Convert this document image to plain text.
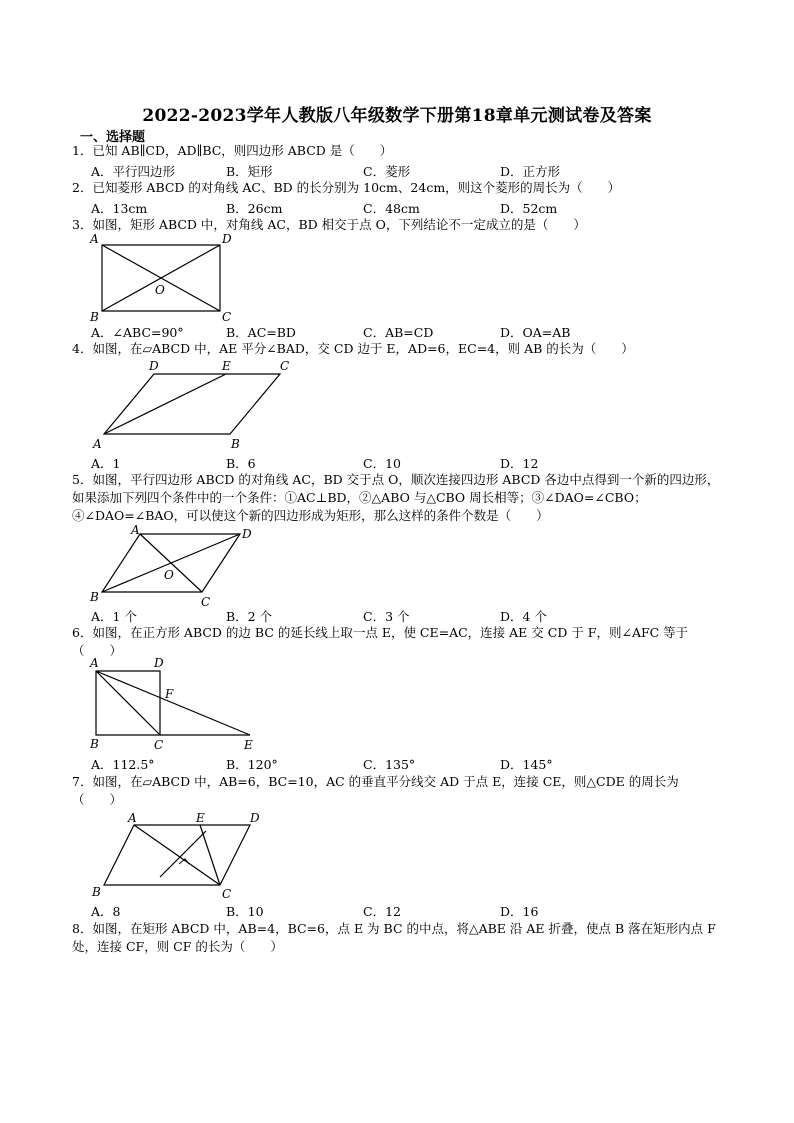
2022-2023学年人教版八年级数学下册第18章单元测试卷及答案
一、选择题
1．已知 AB∥CD，AD∥BC，则四边形 ABCD 是（　　）
A．平行四边形	B．矩形	C．菱形	D．正方形
2．已知菱形 ABCD 的对角线 AC、BD 的长分别为 10cm、24cm，则这个菱形的周长为（　　）
A．13cm	B．26cm	C．48cm	D．52cm
3．如图，矩形 ABCD 中，对角线 AC，BD 相交于点 O，下列结论不一定成立的是（　　）
A
B	C
D
O
A．∠ABC=90°	B．AC=BD	C．AB=CD	D．OA=AB
4．如图，在▱ABCD 中，AE 平分∠BAD，交 CD 边于 E，AD=6，EC=4，则 AB 的长为（　　）
A	B
C
D	E
A．1	B．6	C．10	D．12
5．如图，平行四边形 ABCD 的对角线 AC，BD 交于点 O，顺次连接四边形 ABCD 各边中点得到一个新的四边形，如果添加下列四个条件中的一个条件：①AC⊥BD，②△ABO 与△CBO 周长相等；③∠DAO=∠CBO；④∠DAO=∠BAO，可以使这个新的四边形成为矩形，那么这样的条件个数是（　　）
B	C
D
A
O
A．1 个	B．2 个	C．3 个	D．4 个
6．如图，在正方形 ABCD 的边 BC 的延长线上取一点 E，使 CE=AC，连接 AE 交 CD 于 F，则∠AFC 等于（　　）
A
B	C
D
E
F
A．112.5°	B．120°	C．135°	D．145°
7．如图，在▱ABCD 中，AB=6，BC=10，AC 的垂直平分线交 AD 于点 E，连接 CE，则△CDE 的周长为（　　）
A
B	C
D
E
A．8	B．10	C．12	D．16
8．如图，在矩形 ABCD 中，AB=4，BC=6，点 E 为 BC 的中点，将△ABE 沿 AE 折叠，使点 B 落在矩形内点 F 处，连接 CF，则 CF 的长为（　　）
